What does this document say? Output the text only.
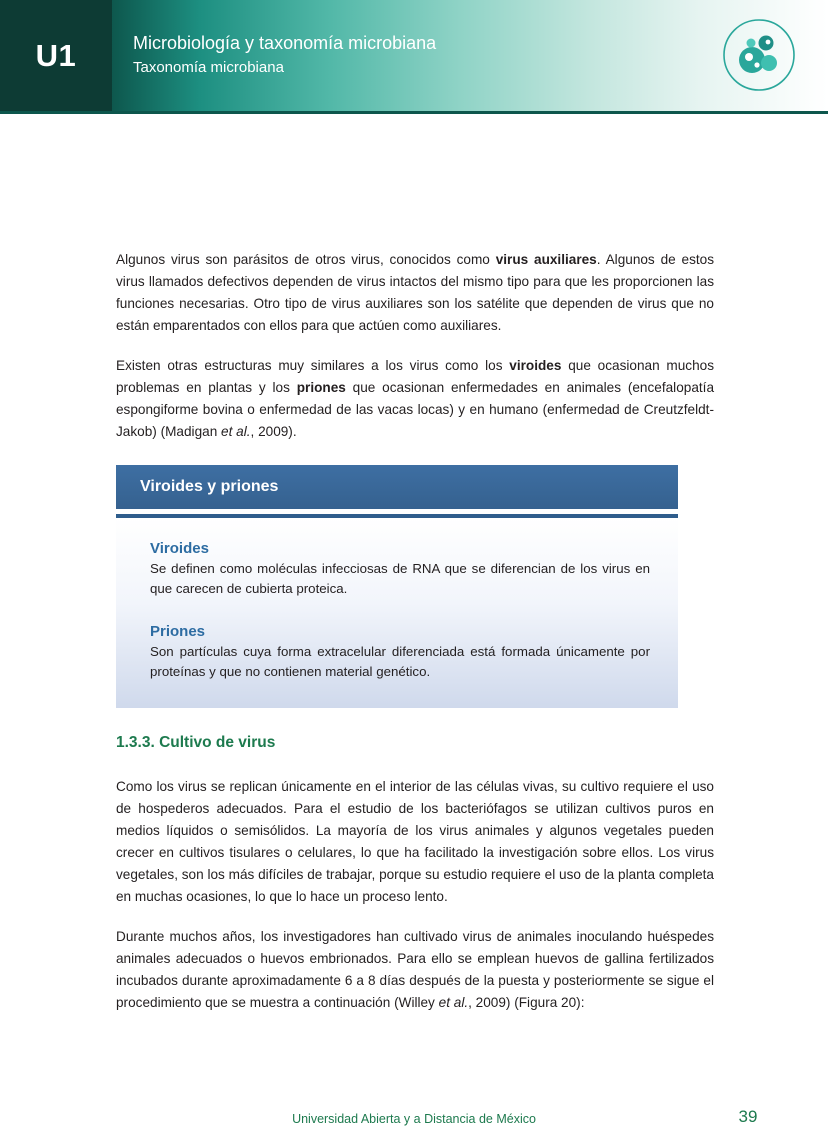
U1	Microbiología y taxonomía microbiana
Taxonomía microbiana

Algunos virus son parásitos de otros virus, conocidos como virus auxiliares. Algunos de estos virus llamados defectivos dependen de virus intactos del mismo tipo para que les proporcionen las funciones necesarias. Otro tipo de virus auxiliares son los satélite que dependen de virus que no están emparentados con ellos para que actúen como auxiliares.

Existen otras estructuras muy similares a los virus como los viroides que ocasionan muchos problemas en plantas y los priones que ocasionan enfermedades en animales (encefalopatía espongiforme bovina o enfermedad de las vacas locas) y en humano (enfermedad de Creutzfeldt-Jakob) (Madigan et al., 2009).

Viroides y priones

Viroides

Se definen como moléculas infecciosas de RNA que se diferencian de los virus en que carecen de cubierta proteica.

Priones

Son partículas cuya forma extracelular diferenciada está formada únicamente por proteínas y que no contienen material genético.

1.3.3. Cultivo de virus

Como los virus se replican únicamente en el interior de las células vivas, su cultivo requiere el uso de hospederos adecuados. Para el estudio de los bacteriófagos se utilizan cultivos puros en medios líquidos o semisólidos. La mayoría de los virus animales y algunos vegetales pueden crecer en cultivos tisulares o celulares, lo que ha facilitado la investigación sobre ellos. Los virus vegetales, son los más difíciles de trabajar, porque su estudio requiere el uso de la planta completa en muchas ocasiones, lo que lo hace un proceso lento.

Durante muchos años, los investigadores han cultivado virus de animales inoculando huéspedes animales adecuados o huevos embrionados. Para ello se emplean huevos de gallina fertilizados incubados durante aproximadamente 6 a 8 días después de la puesta y posteriormente se sigue el procedimiento que se muestra a continuación (Willey et al., 2009) (Figura 20):

Universidad Abierta y a Distancia de México	39
